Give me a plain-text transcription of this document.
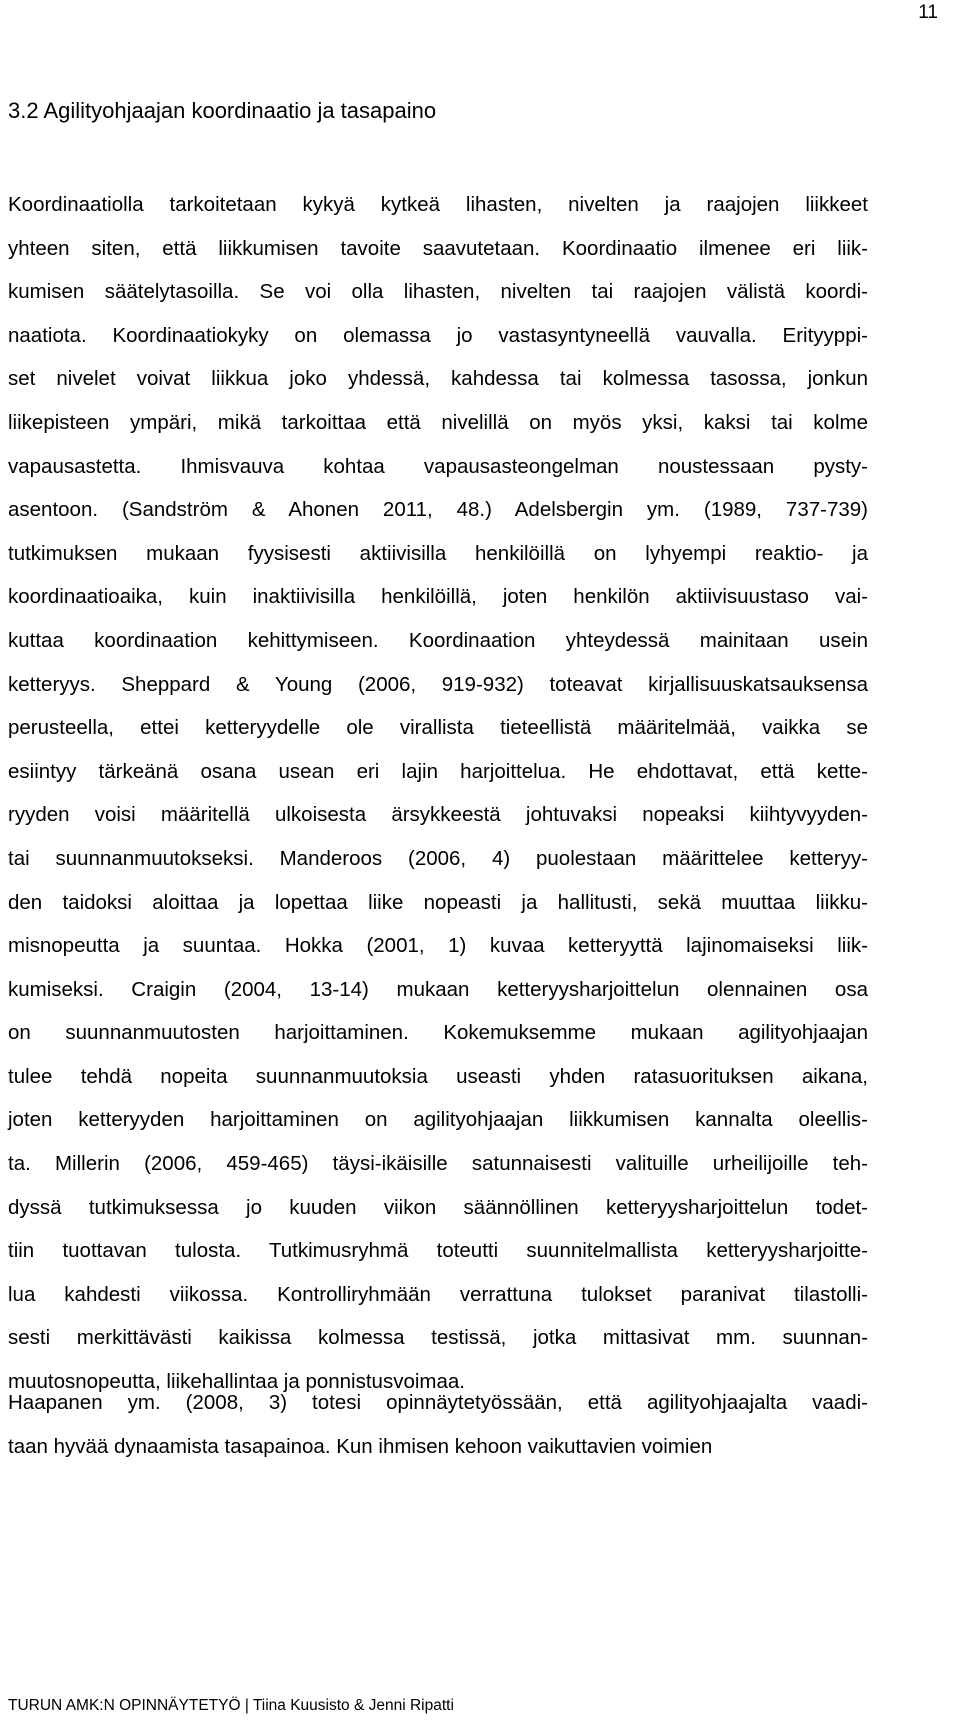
11
3.2 Agilityohjaajan koordinaatio ja tasapaino

Koordinaatiolla tarkoitetaan kykyä kytkeä lihasten, nivelten ja raajojen liikkeet
yhteen siten, että liikkumisen tavoite saavutetaan. Koordinaatio ilmenee eri liik-
kumisen säätelytasoilla. Se voi olla lihasten, nivelten tai raajojen välistä koordi-
naatiota. Koordinaatiokyky on olemassa jo vastasyntyneellä vauvalla. Erityyppi-
set nivelet voivat liikkua joko yhdessä, kahdessa tai kolmessa tasossa, jonkun
liikepisteen ympäri, mikä tarkoittaa että nivelillä on myös yksi, kaksi tai kolme
vapausastetta. Ihmisvauva kohtaa vapausasteongelman noustessaan pysty-
asentoon. (Sandström & Ahonen 2011, 48.) Adelsbergin ym. (1989, 737-739)
tutkimuksen mukaan fyysisesti aktiivisilla henkilöillä on lyhyempi reaktio- ja
koordinaatioaika, kuin inaktiivisilla henkilöillä, joten henkilön aktiivisuustaso vai-
kuttaa koordinaation kehittymiseen. Koordinaation yhteydessä mainitaan usein
ketteryys. Sheppard & Young (2006, 919-932) toteavat kirjallisuuskatsauksensa
perusteella, ettei ketteryydelle ole virallista tieteellistä määritelmää, vaikka se
esiintyy tärkeänä osana usean eri lajin harjoittelua. He ehdottavat, että kette-
ryyden voisi määritellä ulkoisesta ärsykkeestä johtuvaksi nopeaksi kiihtyvyyden-
tai suunnanmuutokseksi. Manderoos (2006, 4) puolestaan määrittelee ketteryy-
den taidoksi aloittaa ja lopettaa liike nopeasti ja hallitusti, sekä muuttaa liikku-
misnopeutta ja suuntaa. Hokka (2001, 1) kuvaa ketteryyttä lajinomaiseksi liik-
kumiseksi. Craigin (2004, 13-14) mukaan ketteryysharjoittelun olennainen osa
on suunnanmuutosten harjoittaminen. Kokemuksemme mukaan agilityohjaajan
tulee tehdä nopeita suunnanmuutoksia useasti yhden ratasuorituksen aikana,
joten ketteryyden harjoittaminen on agilityohjaajan liikkumisen kannalta oleellis-
ta. Millerin (2006, 459-465) täysi-ikäisille satunnaisesti valituille urheilijoille teh-
dyssä tutkimuksessa jo kuuden viikon säännöllinen ketteryysharjoittelun todet-
tiin tuottavan tulosta. Tutkimusryhmä toteutti suunnitelmallista ketteryysharjoitte-
lua kahdesti viikossa. Kontrolliryhmään verrattuna tulokset paranivat tilastolli-
sesti merkittävästi kaikissa kolmessa testissä, jotka mittasivat mm. suunnan-
muutosnopeutta, liikehallintaa ja ponnistusvoimaa.

Haapanen ym. (2008, 3) totesi opinnäytetyössään, että agilityohjaajalta vaadi-
taan hyvää dynaamista tasapainoa. Kun ihmisen kehoon vaikuttavien voimien

TURUN AMK:N OPINNÄYTETYÖ | Tiina Kuusisto & Jenni Ripatti
